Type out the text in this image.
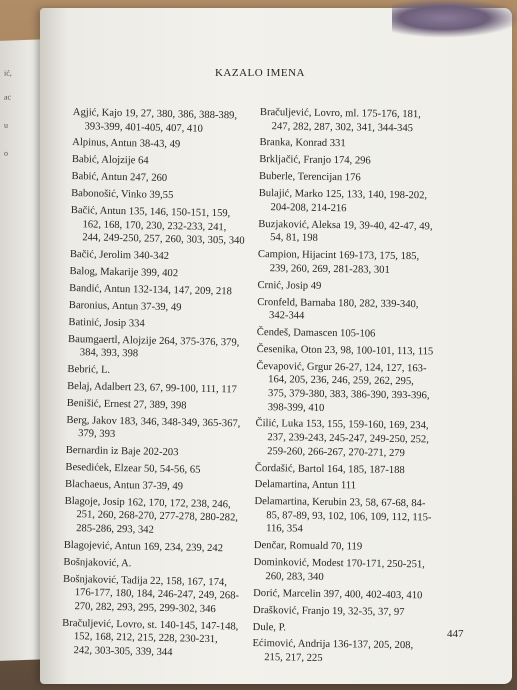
ić,
ac
u
o
KAZALO IMENA
Agjić, Kajo 19, 27, 380, 386, 388-389,
393-399, 401-405, 407, 410
Alpinus, Antun 38-43, 49
Babić, Alojzije 64
Babić, Antun 247, 260
Babonošić, Vinko 39,55
Bačić, Antun 135, 146, 150-151, 159,
162, 168, 170, 230, 232-233, 241,
244, 249-250, 257, 260, 303, 305, 340
Bačić, Jerolim 340-342
Balog, Makarije 399, 402
Bandić, Antun 132-134, 147, 209, 218
Baronius, Antun 37-39, 49
Batinić, Josip 334
Baumgaertl, Alojzije 264, 375-376, 379,
384, 393, 398
Bebrić, L.
Belaj, Adalbert 23, 67, 99-100, 111, 117
Benišić, Ernest 27, 389, 398
Berg, Jakov 183, 346, 348-349, 365-367,
379, 393
Bernardin iz Baje 202-203
Besedićek, Elzear 50, 54-56, 65
Blachaeus, Antun 37-39, 49
Blagoje, Josip 162, 170, 172, 238, 246,
251, 260, 268-270, 277-278, 280-282,
285-286, 293, 342
Blagojević, Antun 169, 234, 239, 242
Bošnjaković, A.
Bošnjaković, Tadija 22, 158, 167, 174,
176-177, 180, 184, 246-247, 249, 268-
270, 282, 293, 295, 299-302, 346
Bračuljević, Lovro, st. 140-145, 147-148,
152, 168, 212, 215, 228, 230-231,
242, 303-305, 339, 344
Bračuljević, Lovro, ml. 175-176, 181,
247, 282, 287, 302, 341, 344-345
Branka, Konrad 331
Brkljačić, Franjo 174, 296
Buberle, Terencijan 176
Bulajić, Marko 125, 133, 140, 198-202,
204-208, 214-216
Buzjaković, Aleksa 19, 39-40, 42-47, 49,
54, 81, 198
Campion, Hijacint 169-173, 175, 185,
239, 260, 269, 281-283, 301
Crnić, Josip 49
Cronfeld, Barnaba 180, 282, 339-340,
342-344
Čendeš, Damascen 105-106
Česenika, Oton 23, 98, 100-101, 113, 115
Čevapović, Grgur 26-27, 124, 127, 163-
164, 205, 236, 246, 259, 262, 295,
375, 379-380, 383, 386-390, 393-396,
398-399, 410
Čilić, Luka 153, 155, 159-160, 169, 234,
237, 239-243, 245-247, 249-250, 252,
259-260, 266-267, 270-271, 279
Čordašić, Bartol 164, 185, 187-188
Delamartina, Antun 111
Delamartina, Kerubin 23, 58, 67-68, 84-
85, 87-89, 93, 102, 106, 109, 112, 115-
116, 354
Denčar, Romuald 70, 119
Dominković, Modest 170-171, 250-251,
260, 283, 340
Dorić, Marcelin 397, 400, 402-403, 410
Drašković, Franjo 19, 32-35, 37, 97
Dule, P.
Ećimović, Andrija 136-137, 205, 208,
215, 217, 225
447
